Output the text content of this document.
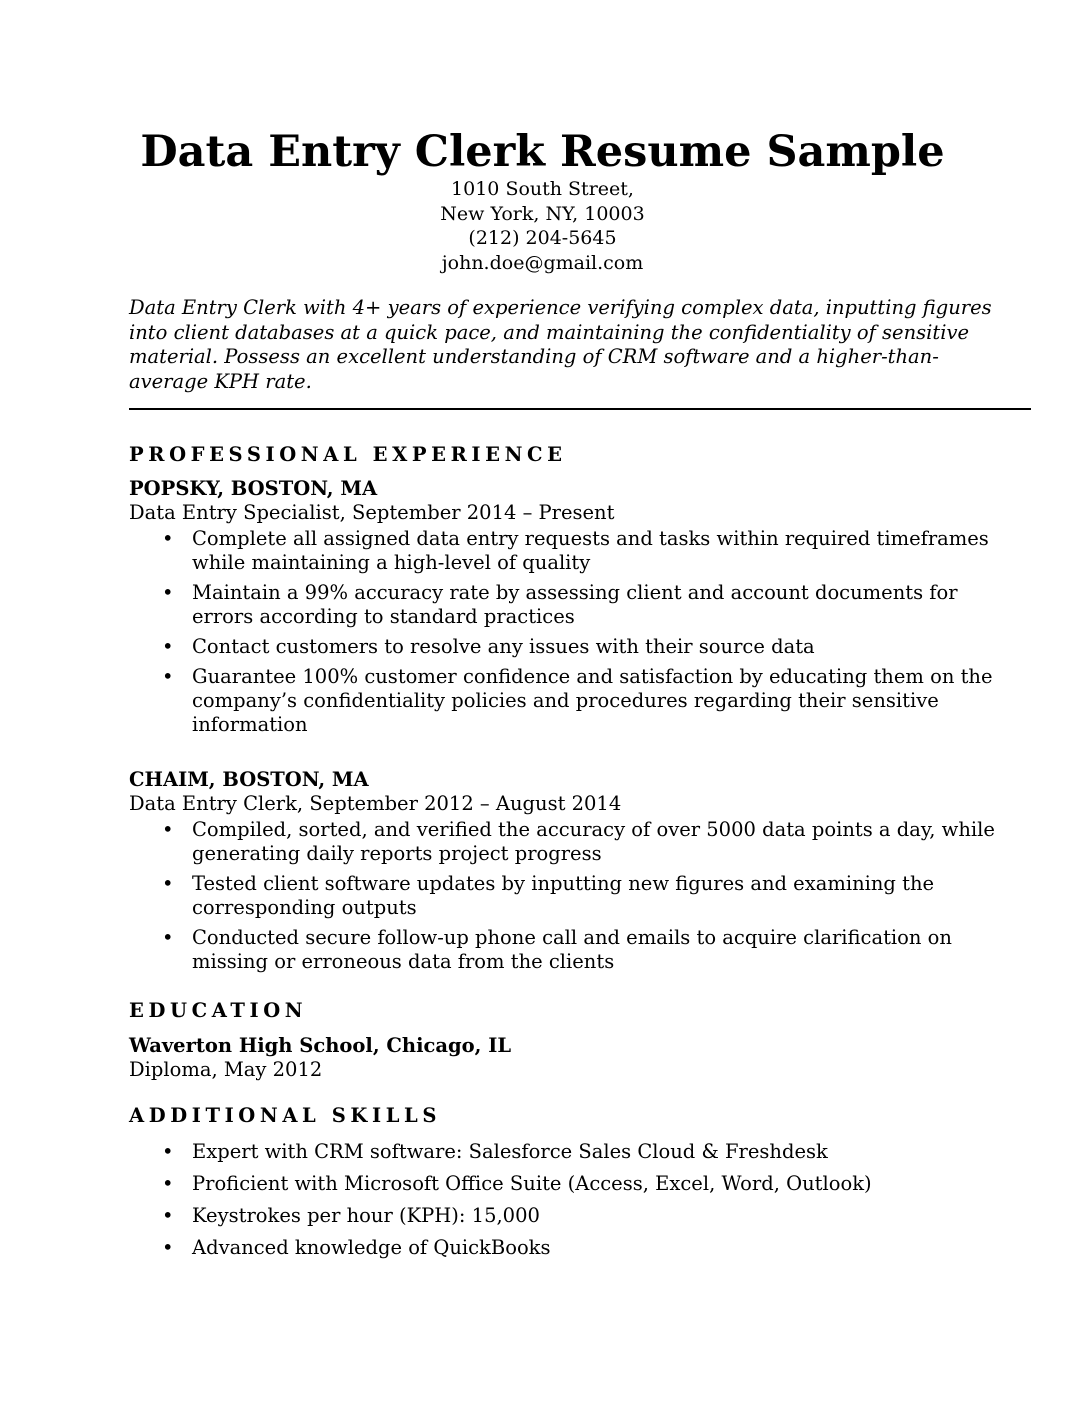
Data Entry Clerk Resume Sample
1010 South Street,
New York, NY, 10003
(212) 204-5645
john.doe@gmail.com
Data Entry Clerk with 4+ years of experience verifying complex data, inputting figures into client databases at a quick pace, and maintaining the confidentiality of sensitive material. Possess an excellent understanding of CRM software and a higher-than-average KPH rate.
PROFESSIONAL EXPERIENCE
POPSKY, BOSTON, MA
Data Entry Specialist, September 2014 – Present
• Complete all assigned data entry requests and tasks within required timeframes while maintaining a high-level of quality
• Maintain a 99% accuracy rate by assessing client and account documents for errors according to standard practices
• Contact customers to resolve any issues with their source data
• Guarantee 100% customer confidence and satisfaction by educating them on the company’s confidentiality policies and procedures regarding their sensitive information
CHAIM, BOSTON, MA
Data Entry Clerk, September 2012 – August 2014
• Compiled, sorted, and verified the accuracy of over 5000 data points a day, while generating daily reports project progress
• Tested client software updates by inputting new figures and examining the corresponding outputs
• Conducted secure follow-up phone call and emails to acquire clarification on missing or erroneous data from the clients
EDUCATION
Waverton High School, Chicago, IL
Diploma, May 2012
ADDITIONAL SKILLS
• Expert with CRM software: Salesforce Sales Cloud & Freshdesk
• Proficient with Microsoft Office Suite (Access, Excel, Word, Outlook)
• Keystrokes per hour (KPH): 15,000
• Advanced knowledge of QuickBooks
